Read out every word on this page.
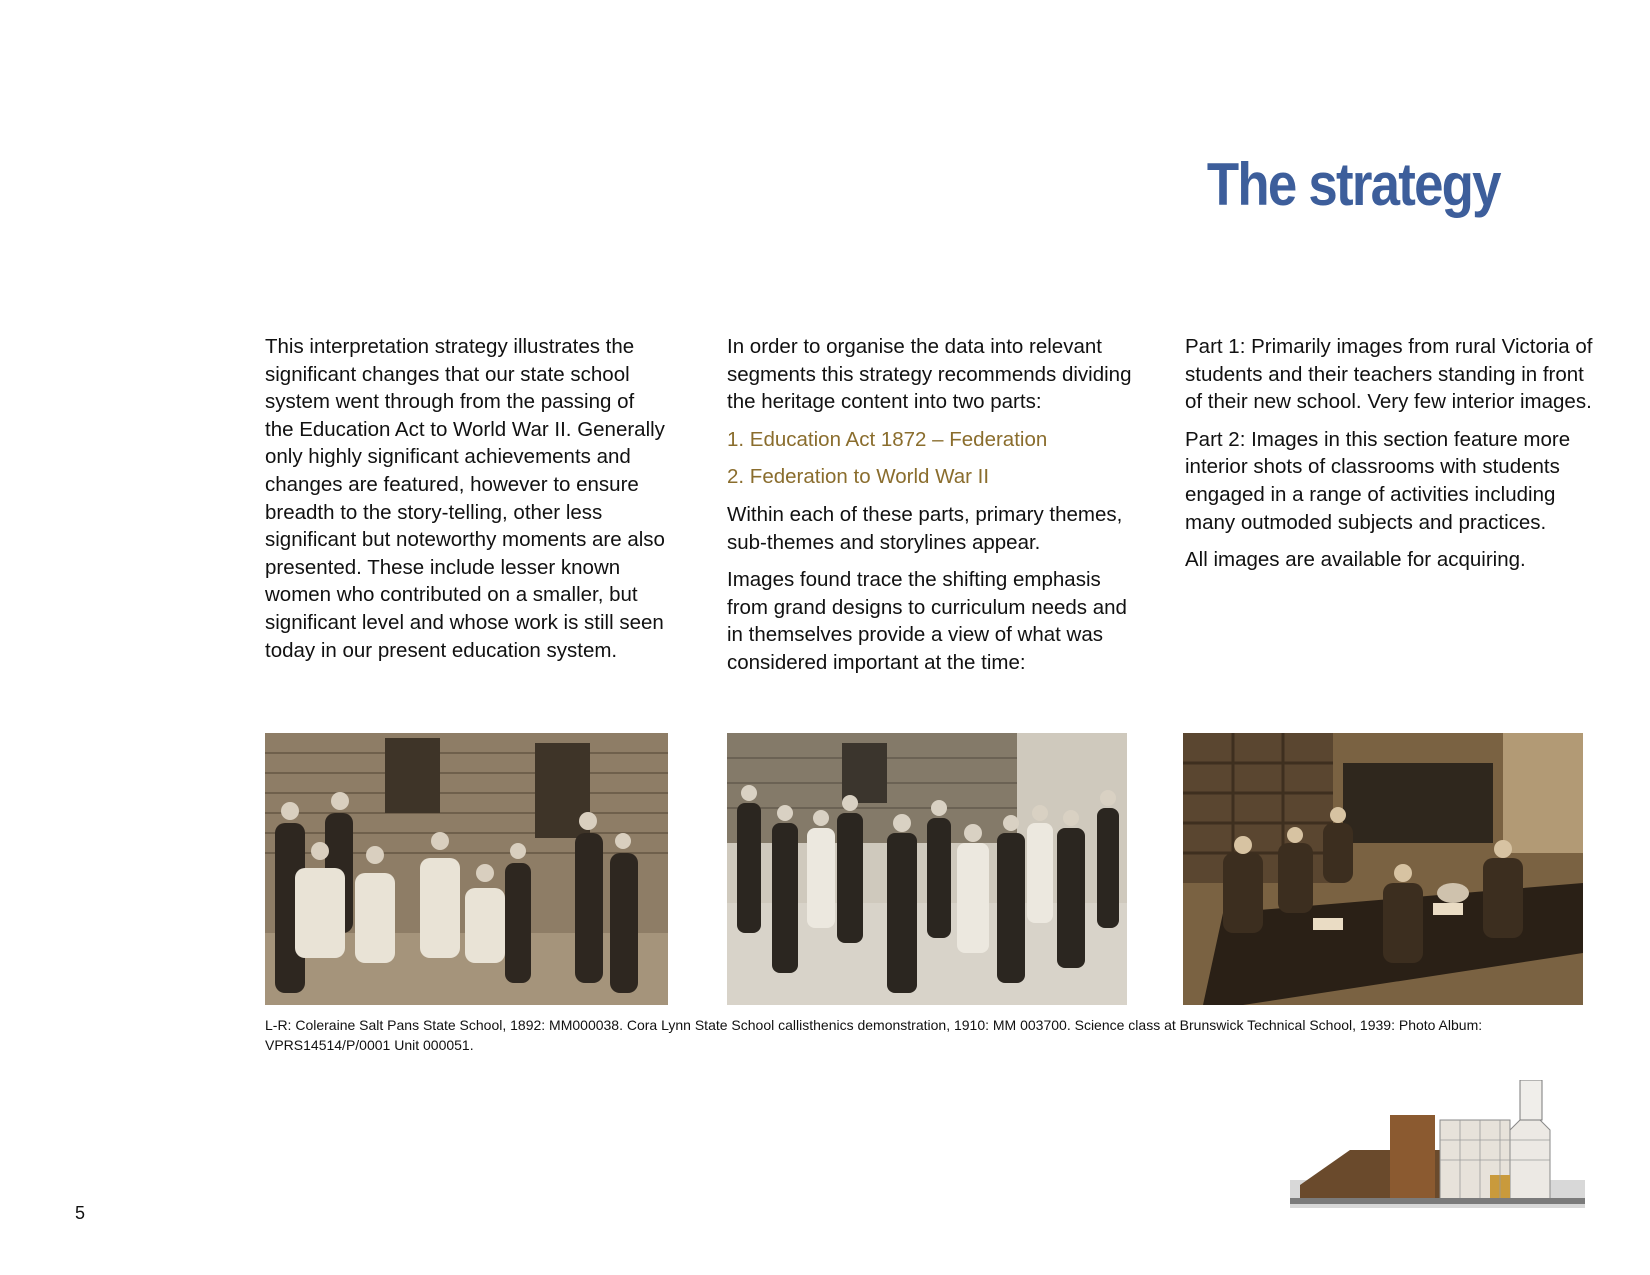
The strategy

This interpretation strategy illustrates the significant changes that our state school system went through from the passing of the Education Act to World War II. Generally only highly significant achievements and changes are featured, however to ensure breadth to the story-telling, other less significant but noteworthy moments are also presented. These include lesser known women who contributed on a smaller, but significant level and whose work is still seen today in our present education system.

In order to organise the data into relevant segments this strategy recommends dividing the heritage content into two parts:

1. Education Act 1872 – Federation

2. Federation to World War II

Within each of these parts, primary themes, sub-themes and storylines appear.

Images found trace the shifting emphasis from grand designs to curriculum needs and in themselves provide a view of what was considered important at the time:

Part 1: Primarily images from rural Victoria of students and their teachers standing in front of their new school. Very few interior images.

Part 2: Images in this section feature more interior shots of classrooms with students engaged in a range of activities including many outmoded subjects and practices.

All images are available for acquiring.

L-R: Coleraine Salt Pans State School, 1892: MM000038. Cora Lynn State School callisthenics demonstration, 1910: MM 003700. Science class at Brunswick Technical School, 1939: Photo Album: VPRS14514/P/0001 Unit 000051.
5
